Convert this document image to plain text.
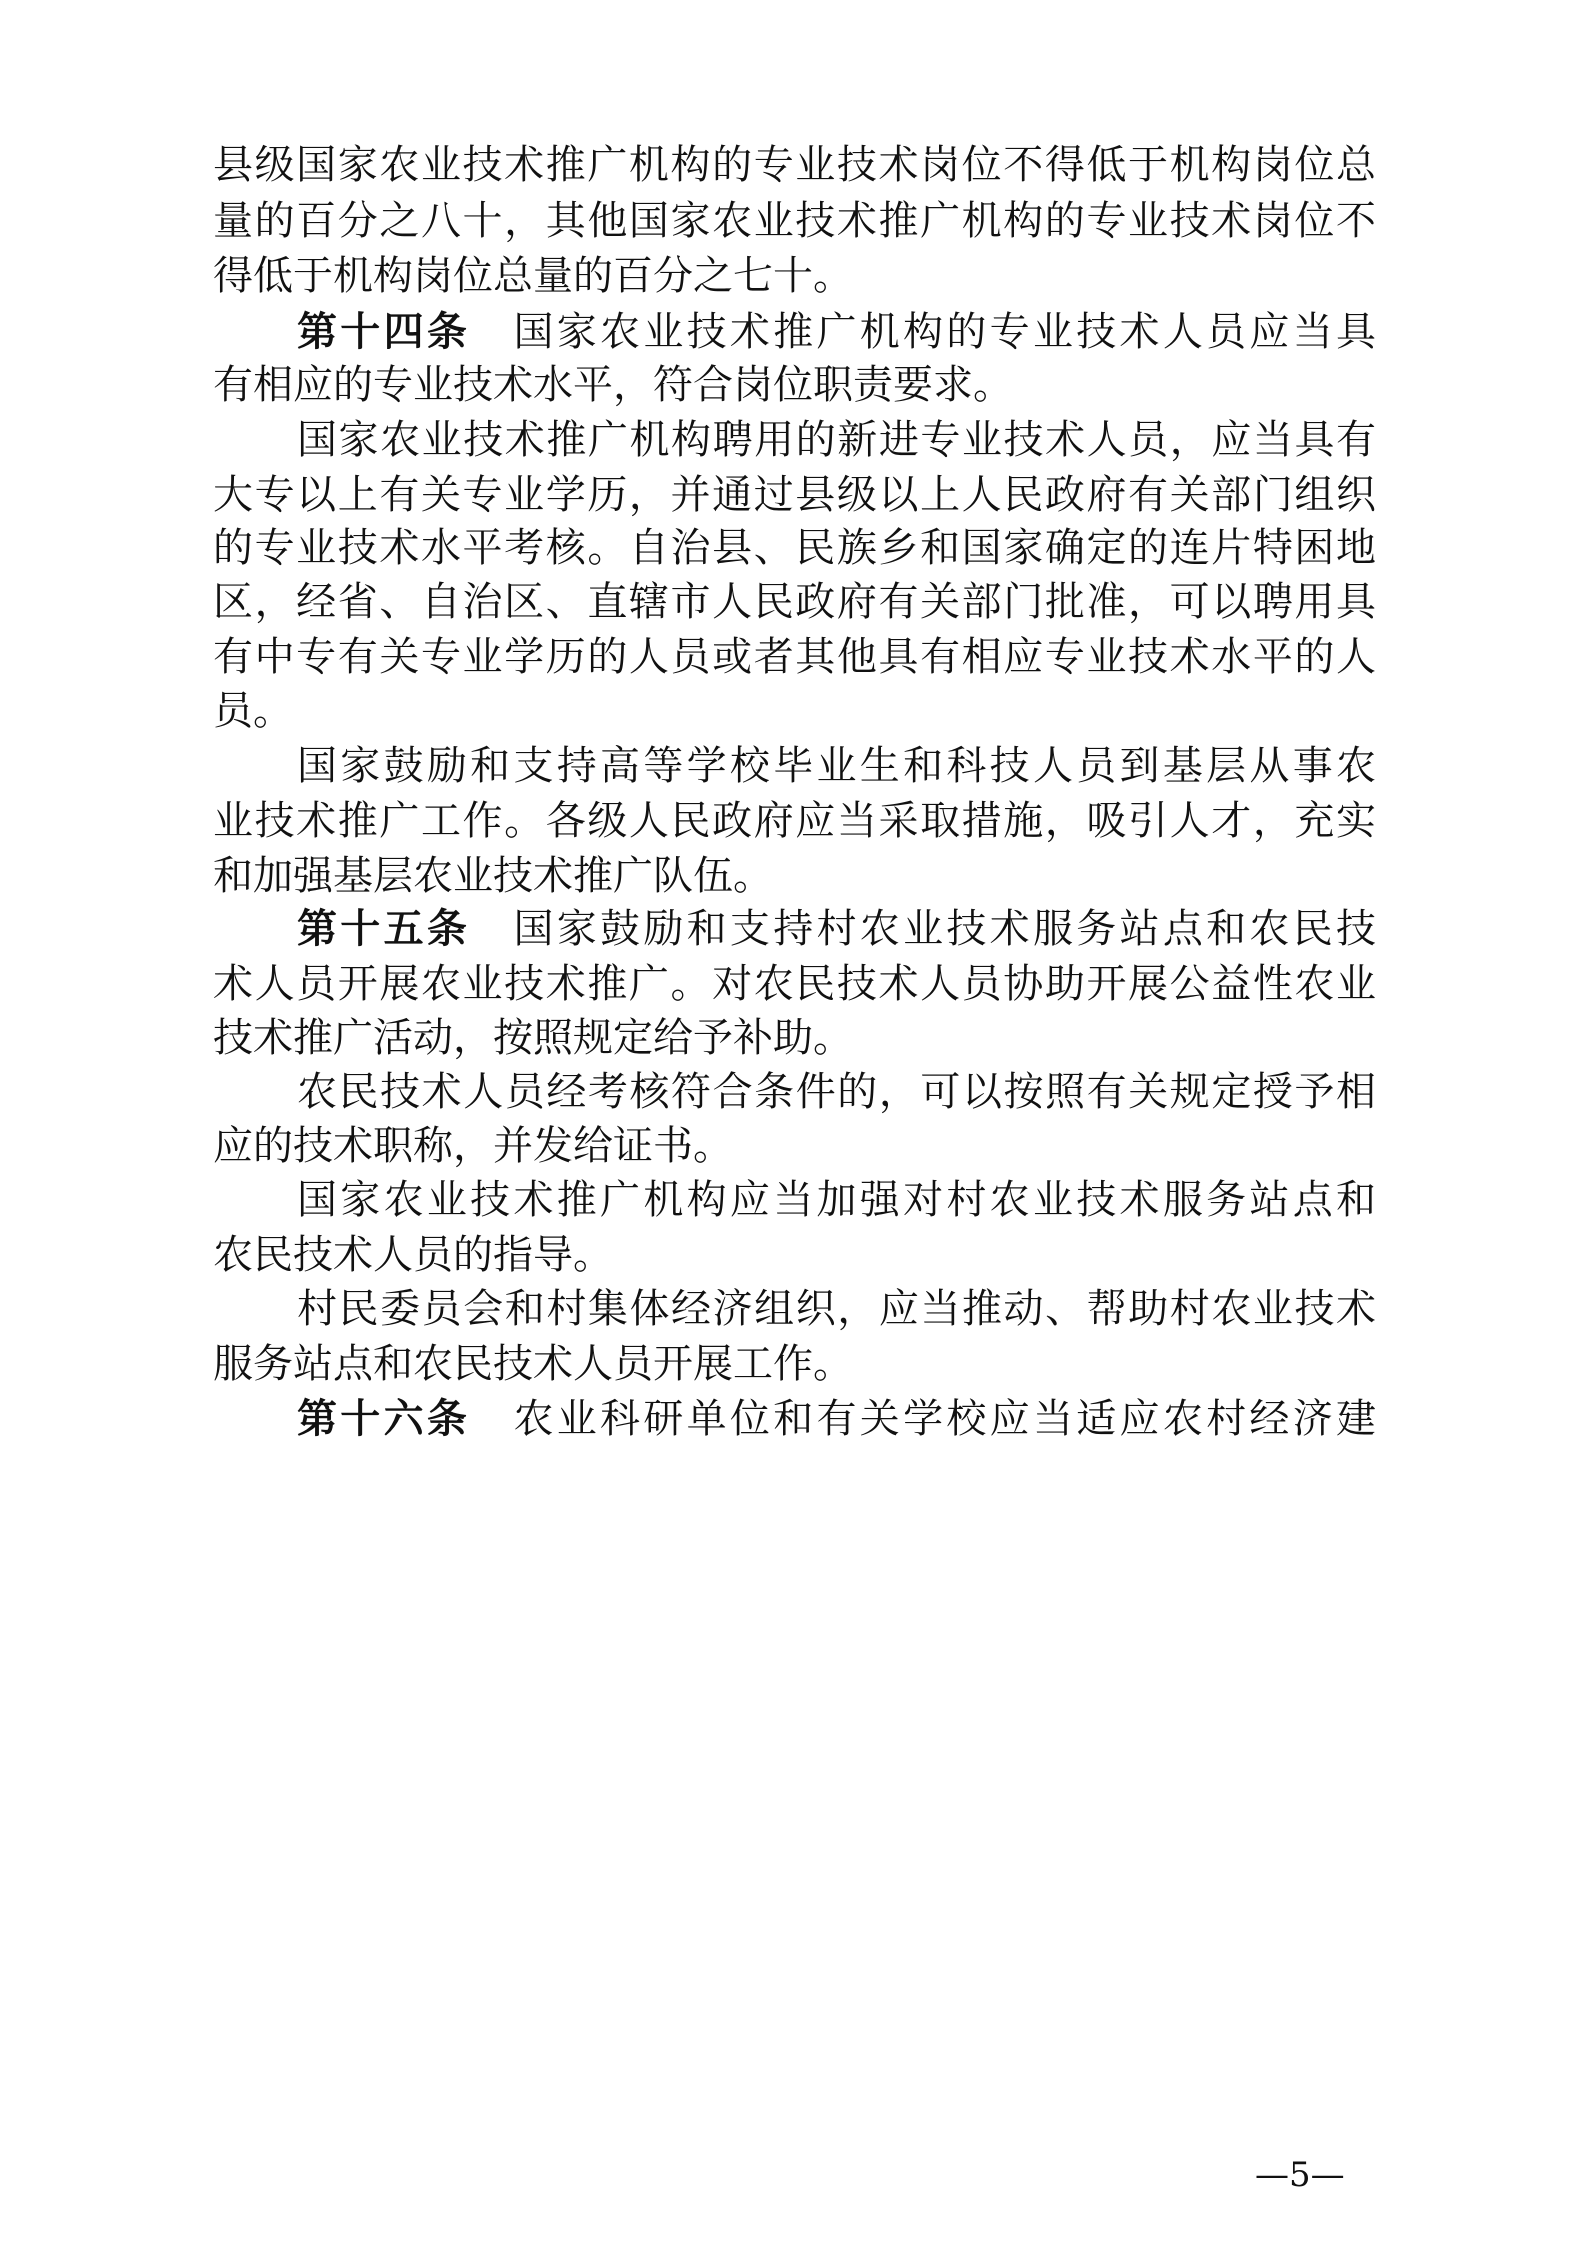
县级国家农业技术推广机构的专业技术岗位不得低于机构岗位总
量的百分之八十，其他国家农业技术推广机构的专业技术岗位不
得低于机构岗位总量的百分之七十。
第十四条 国家农业技术推广机构的专业技术人员应当具
有相应的专业技术水平，符合岗位职责要求。
国家农业技术推广机构聘用的新进专业技术人员，应当具有
大专以上有关专业学历，并通过县级以上人民政府有关部门组织
的专业技术水平考核。自治县、民族乡和国家确定的连片特困地
区，经省、自治区、直辖市人民政府有关部门批准，可以聘用具
有中专有关专业学历的人员或者其他具有相应专业技术水平的人
员。
国家鼓励和支持高等学校毕业生和科技人员到基层从事农
业技术推广工作。各级人民政府应当采取措施，吸引人才，充实
和加强基层农业技术推广队伍。
第十五条 国家鼓励和支持村农业技术服务站点和农民技
术人员开展农业技术推广。对农民技术人员协助开展公益性农业
技术推广活动，按照规定给予补助。
农民技术人员经考核符合条件的，可以按照有关规定授予相
应的技术职称，并发给证书。
国家农业技术推广机构应当加强对村农业技术服务站点和
农民技术人员的指导。
村民委员会和村集体经济组织，应当推动、帮助村农业技术
服务站点和农民技术人员开展工作。
第十六条 农业科研单位和有关学校应当适应农村经济建
—5—
